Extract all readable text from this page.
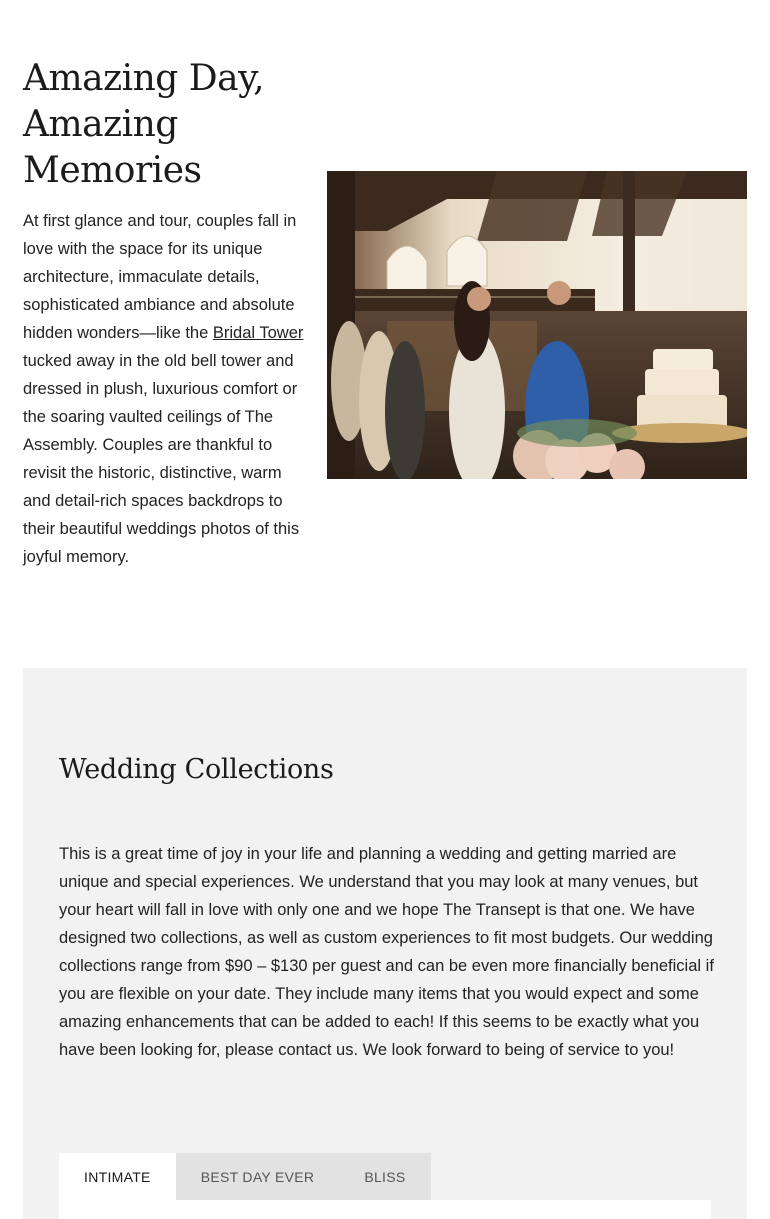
Amazing Day, Amazing Memories

At first glance and tour, couples fall in love with the space for its unique architecture, immaculate details, sophisticated ambiance and absolute hidden wonders—like the Bridal Tower tucked away in the old bell tower and dressed in plush, luxurious comfort or the soaring vaulted ceilings of The Assembly. Couples are thankful to revisit the historic, distinctive, warm and detail-rich spaces backdrops to their beautiful weddings photos of this joyful memory.

Wedding Collections

This is a great time of joy in your life and planning a wedding and getting married are unique and special experiences. We understand that you may look at many venues, but your heart will fall in love with only one and we hope The Transept is that one. We have designed two collections, as well as custom experiences to fit most budgets. Our wedding collections range from $90 – $130 per guest and can be even more financially beneficial if you are flexible on your date. They include many items that you would expect and some amazing enhancements that can be added to each! If this seems to be exactly what you have been looking for, please contact us. We look forward to being of service to you!

INTIMATE	BEST DAY EVER	BLISS
